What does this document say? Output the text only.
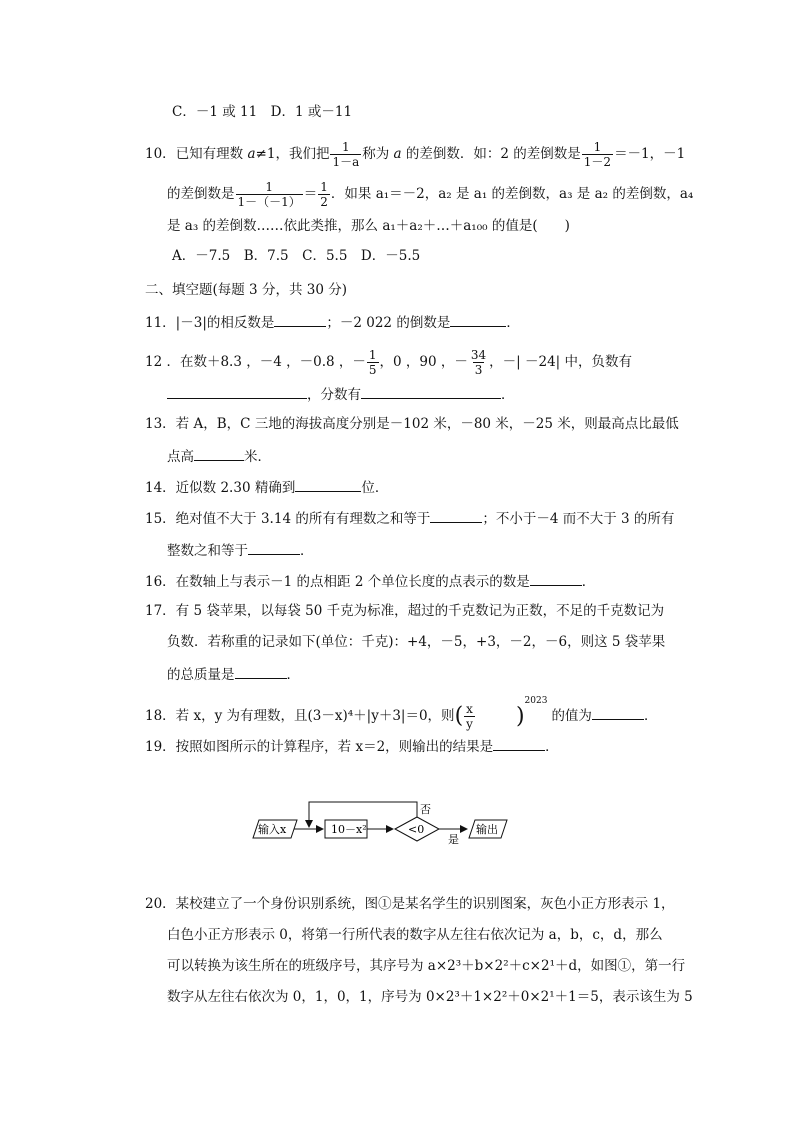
C．－1 或 11　D．1 或－11
10．已知有理数 a≠1，我们把 $\frac{1}{1-a}$ 称为 a 的差倒数．如：2 的差倒数是 $\frac{1}{1-2} =-1$，－1
的差倒数是 $\frac{1}{1-(-1)} = \frac{1}{2}$ ．如果 a₁＝－2，a₂ 是 a₁ 的差倒数，a₃ 是 a₂ 的差倒数，a₄
是 a₃ 的差倒数……依此类推，那么 a₁＋a₂＋…＋a₁₀₀ 的值是(　　)
A．－7.5　B．7.5　C．5.5　D．－5.5
二、填空题(每题 3 分，共 30 分)
11．|－3|的相反数是	；－2 022 的倒数是	．
12 ．在数＋8.3 ，－4 ，－0.8 ，－ $\frac{1}{5}$ ，0 ，90 ，－ $\frac{34}{3}$ ，－| －24| 中，负数有
，分数有	．
13．若 A，B，C 三地的海拔高度分别是－102 米，－80 米，－25 米，则最高点比最低
点高	米．
14．近似数 2.30 精确到	位．
15．绝对值不大于 3.14 的所有有理数之和等于	；不小于－4 而不大于 3 的所有
整数之和等于	．
16．在数轴上与表示－1 的点相距 2 个单位长度的点表示的数是	．
17．有 5 袋苹果，以每袋 50 千克为标准，超过的千克数记为正数，不足的千克数记为
负数．若称重的记录如下(单位：千克)：+4，－5，+3，－2，－6，则这 5 袋苹果
的总质量是	．
18．若 x，y 为有理数，且(3－x)⁴＋|y＋3|＝0，则( $\frac{x}{y} )^{2023}$的值为	．
19．按照如图所示的计算程序，若 x＝2，则输出的结果是	．
输入x	10－x²	<0
否
是
输出
20．某校建立了一个身份识别系统，图①是某名学生的识别图案，灰色小正方形表示 1，
白色小正方形表示 0，将第一行所代表的数字从左往右依次记为 a，b，c，d，那么
可以转换为该生所在的班级序号，其序号为 a×2³＋b×2²＋c×2¹＋d，如图①，第一行
数字从左往右依次为 0，1，0，1，序号为 0×2³＋1×2²＋0×2¹＋1＝5，表示该生为 5
